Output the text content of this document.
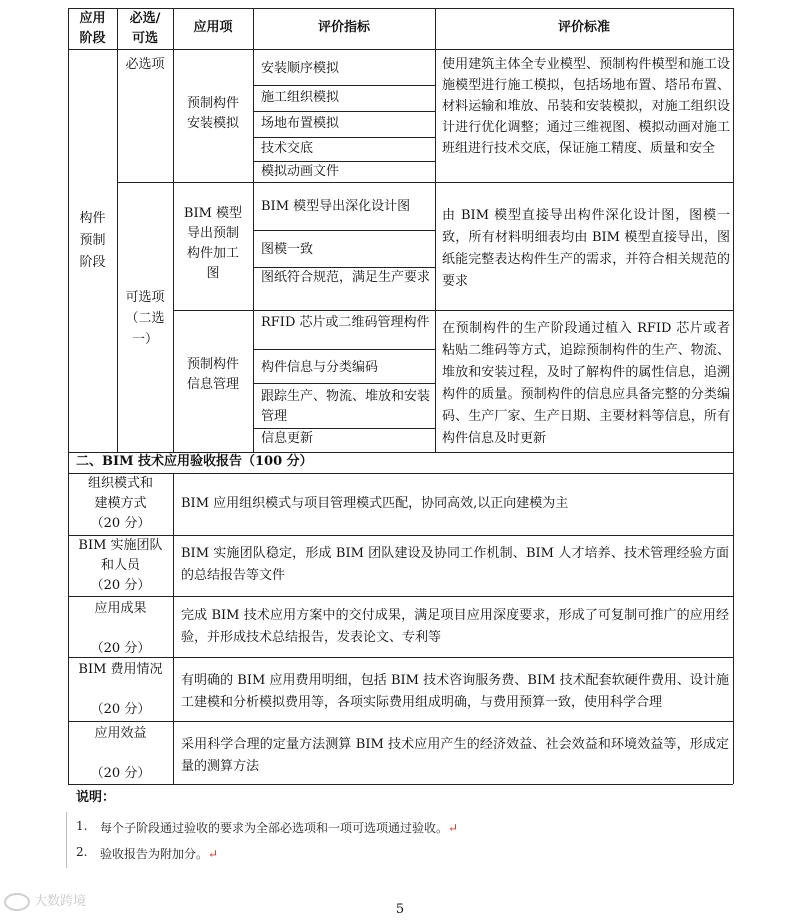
应用
阶段
必选/
可选
应用项	评价指标	评价标准
构件
预制
阶段
必选项
可选项
（二选
一）
预制构件
安装模拟
安装顺序模拟
施工组织模拟
场地布置模拟
技术交底
模拟动画文件
使用建筑主体全专业模型、预制构件模型和施工设施模型进行施工模拟，包括场地布置、塔吊布置、材料运输和堆放、吊装和安装模拟，对施工组织设计进行优化调整；通过三维视图、模拟动画对施工班组进行技术交底，保证施工精度、质量和安全
BIM 模型
导出预制
构件加工
图
BIM 模型导出深化设计图
图模一致
图纸符合规范，满足生产要求
由 BIM 模型直接导出构件深化设计图，图模一致，所有材料明细表均由 BIM 模型直接导出，图纸能完整表达构件生产的需求，并符合相关规范的要求
预制构件
信息管理
RFID 芯片或二维码管理构件
构件信息与分类编码
跟踪生产、物流、堆放和安装管理
信息更新
在预制构件的生产阶段通过植入 RFID 芯片或者粘贴二维码等方式，追踪预制构件的生产、物流、堆放和安装过程，及时了解构件的属性信息，追溯构件的质量。预制构件的信息应具备完整的分类编码、生产厂家、生产日期、主要材料等信息，所有构件信息及时更新
二、BIM 技术应用验收报告（100 分）
组织模式和
建模方式
（20 分）
BIM 应用组织模式与项目管理模式匹配，协同高效,以正向建模为主
BIM 实施团队
和人员
（20 分）
BIM 实施团队稳定，形成 BIM 团队建设及协同工作机制、BIM 人才培养、技术管理经验方面的总结报告等文件
应用成果

（20 分）
完成 BIM 技术应用方案中的交付成果，满足项目应用深度要求，形成了可复制可推广的应用经验，并形成技术总结报告，发表论文、专利等
BIM 费用情况

（20 分）
有明确的 BIM 应用费用明细，包括 BIM 技术咨询服务费、BIM 技术配套软硬件费用、设计施工建模和分析模拟费用等，各项实际费用组成明确，与费用预算一致，使用科学合理
应用效益

（20 分）
采用科学合理的定量方法测算 BIM 技术应用产生的经济效益、社会效益和环境效益等，形成定量的测算方法
说明：
1. 每个子阶段通过验收的要求为全部必选项和一项可选项通过验收。↵
2. 验收报告为附加分。↵
大数跨境
5
